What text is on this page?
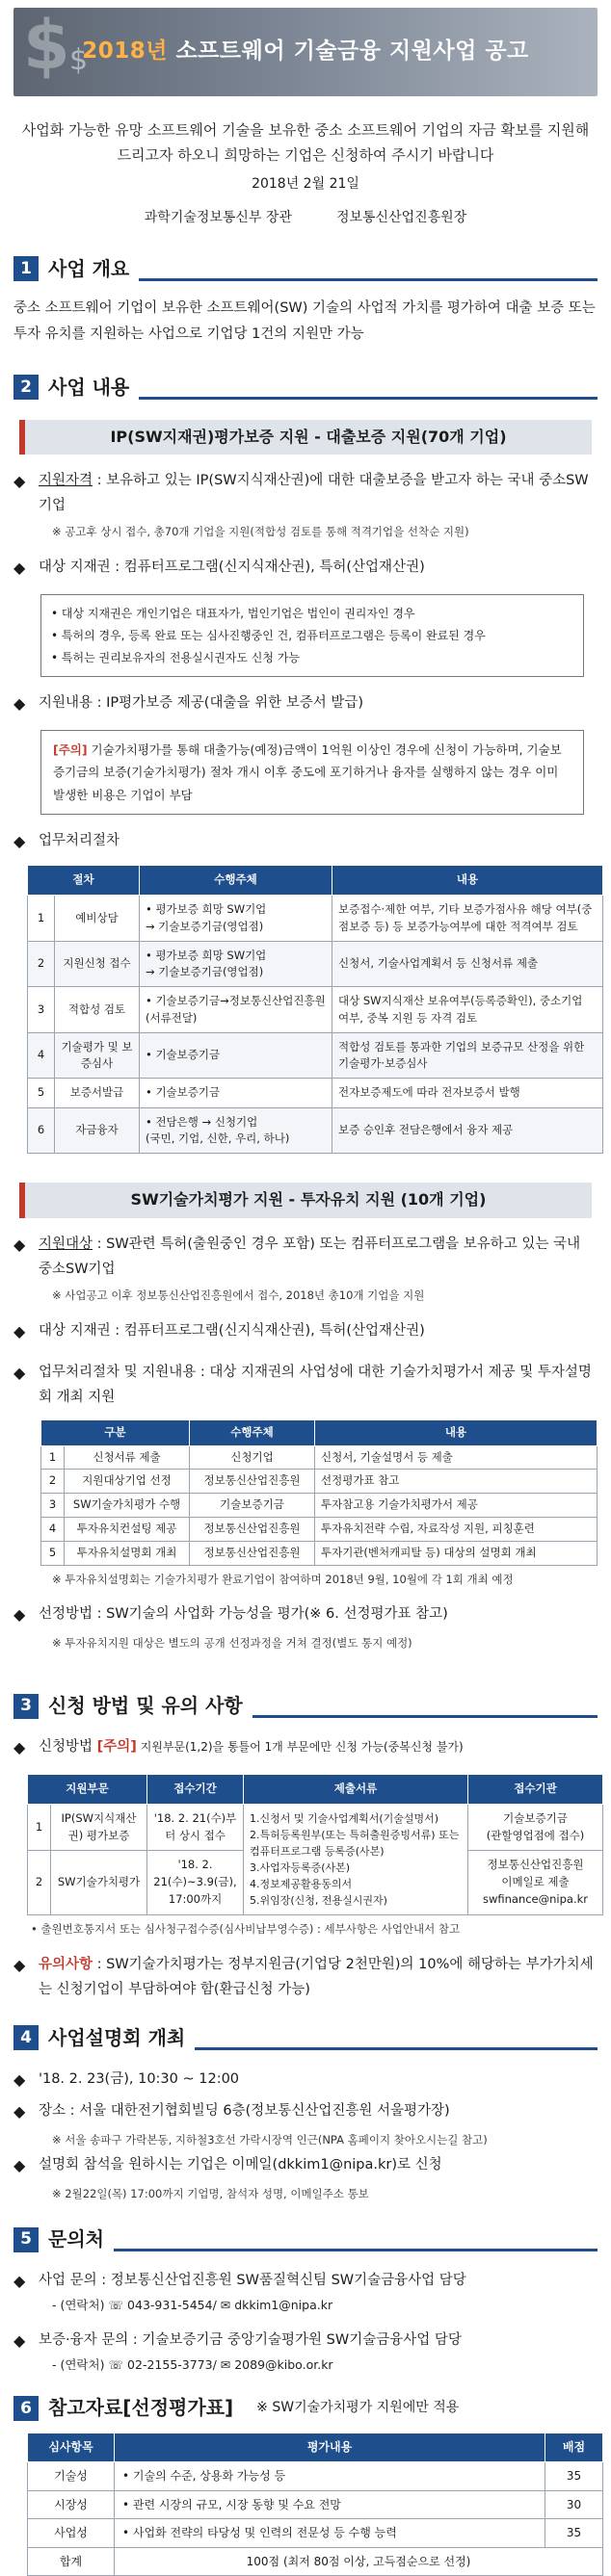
$ $
2018년 소프트웨어 기술금융 지원사업 공고
사업화 가능한 유망 소프트웨어 기술을 보유한 중소 소프트웨어 기업의 자금 확보를 지원해 드리고자 하오니 희망하는 기업은 신청하여 주시기 바랍니다
2018년 2월 21일
과학기술정보통신부 장관	정보통신산업진흥원장
1 사업 개요
중소 소프트웨어 기업이 보유한 소프트웨어(SW) 기술의 사업적 가치를 평가하여 대출 보증 또는 투자 유치를 지원하는 사업으로 기업당 1건의 지원만 가능
2 사업 내용
IP(SW지재권)평가보증 지원 - 대출보증 지원(70개 기업)
◆ 지원자격 : 보유하고 있는 IP(SW지식재산권)에 대한 대출보증을 받고자 하는 국내 중소SW기업
※ 공고후 상시 접수, 총70개 기업을 지원(적합성 검토를 통해 적격기업을 선착순 지원)
◆ 대상 지재권 : 컴퓨터프로그램(신지식재산권), 특허(산업재산권)
• 대상 지재권은 개인기업은 대표자가, 법인기업은 법인이 권리자인 경우
• 특허의 경우, 등록 완료 또는 심사진행중인 건, 컴퓨터프로그램은 등록이 완료된 경우
• 특허는 권리보유자의 전용실시권자도 신청 가능
◆ 지원내용 : IP평가보증 제공(대출을 위한 보증서 발급)
[주의] 기술가치평가를 통해 대출가능(예정)금액이 1억원 이상인 경우에 신청이 가능하며, 기술보증기금의 보증(기술가치평가) 절차 개시 이후 중도에 포기하거나 융자를 실행하지 않는 경우 이미 발생한 비용은 기업이 부담
◆ 업무처리절차
절차		수행주체	내용
1	예비상담	• 평가보증 희망 SW기업
→ 기술보증기금(영업점)	보증접수·제한 여부, 기타 보증가점사유 해당 여부(중점보증 등) 등 보증가능여부에 대한 적격여부 검토
2	지원신청 접수	• 평가보증 희망 SW기업
→ 기술보증기금(영업점)	신청서, 기술사업계획서 등 신청서류 제출
3	적합성 검토	• 기술보증기금→정보통신산업진흥원(서류전달)	대상 SW지식재산 보유여부(등록증확인), 중소기업 여부, 중복 지원 등 자격 검토
4	기술평가 및 보증심사	• 기술보증기금	적합성 검토를 통과한 기업의 보증규모 산정을 위한 기술평가·보증심사
5	보증서발급	• 기술보증기금	전자보증제도에 따라 전자보증서 발행
6	자금융자	• 전담은행 → 신청기업
(국민, 기업, 신한, 우리, 하나)	보증 승인후 전담은행에서 융자 제공
SW기술가치평가 지원 - 투자유치 지원 (10개 기업)
◆ 지원대상 : SW관련 특허(출원중인 경우 포함) 또는 컴퓨터프로그램을 보유하고 있는 국내 중소SW기업
※ 사업공고 이후 정보통신산업진흥원에서 접수, 2018년 총10개 기업을 지원
◆ 대상 지재권 : 컴퓨터프로그램(신지식재산권), 특허(산업재산권)
◆ 업무처리절차 및 지원내용 : 대상 지재권의 사업성에 대한 기술가치평가서 제공 및 투자설명회 개최 지원
구분		수행주체	내용
1	신청서류 제출	신청기업	신청서, 기술설명서 등 제출
2	지원대상기업 선정	정보통신산업진흥원	선정평가표 참고
3	SW기술가치평가 수행	기술보증기금	투자참고용 기술가치평가서 제공
4	투자유치컨설팅 제공	정보통신산업진흥원	투자유치전략 수립, 자료작성 지원, 피칭훈련
5	투자유치설명회 개최	정보통신산업진흥원	투자기관(벤처캐피탈 등) 대상의 설명회 개최
※ 투자유치설명회는 기술가치평가 완료기업이 참여하며 2018년 9월, 10월에 각 1회 개최 예정
◆ 선정방법 : SW기술의 사업화 가능성을 평가(※ 6. 선정평가표 참고)
※ 투자유치지원 대상은 별도의 공개 선정과정을 거쳐 결정(별도 통지 예정)
3 신청 방법 및 유의 사항
◆ 신청방법 [주의] 지원부문(1,2)을 통틀어 1개 부문에만 신청 가능(중복신청 불가)
지원부문		접수기간	제출서류	접수기관
1	IP(SW지식재산권) 평가보증	'18. 2. 21(수)부터 상시 접수	1.신청서 및 기술사업계획서(기술설명서)
2.특허등록원부(또는 특허출원증빙서류) 또는 컴퓨터프로그램 등록증(사본)
3.사업자등록증(사본)
4.정보제공활용동의서
5.위임장(신청, 전용실시권자)	기술보증기금
(관할영업점에 접수)
2	SW기술가치평가	'18. 2. 21(수)~3.9(금), 17:00까지		정보통신산업진흥원
이메일로 제출
swfinance@nipa.kr
• 출원번호통지서 또는 심사청구접수증(심사비납부영수증) : 세부사항은 사업안내서 참고
◆ 유의사항 : SW기술가치평가는 정부지원금(기업당 2천만원)의 10%에 해당하는 부가가치세는 신청기업이 부담하여야 함(환급신청 가능)
4 사업설명회 개최
◆ '18. 2. 23(금), 10:30 ~ 12:00
◆ 장소 : 서울 대한전기협회빌딩 6층(정보통신산업진흥원 서울평가장)
※ 서울 송파구 가락본동, 지하철3호선 가락시장역 인근(NPA 홈페이지 찾아오시는길 참고)
◆ 설명회 참석을 원하시는 기업은 이메일(dkkim1@nipa.kr)로 신청
※ 2월22일(목) 17:00까지 기업명, 참석자 성명, 이메일주소 통보
5 문의처
◆ 사업 문의 : 정보통신산업진흥원 SW품질혁신팀 SW기술금융사업 담당
- (연락처) ☏ 043-931-5454/ ✉ dkkim1@nipa.kr
◆ 보증·융자 문의 : 기술보증기금 중앙기술평가원 SW기술금융사업 담당
- (연락처) ☏ 02-2155-3773/ ✉ 2089@kibo.or.kr
6 참고자료[선정평가표] ※ SW기술가치평가 지원에만 적용
심사항목	평가내용	배점
기술성	• 기술의 수준, 상용화 가능성 등	35
시장성	• 관련 시장의 규모, 시장 동향 및 수요 전망	30
사업성	• 사업화 전략의 타당성 및 인력의 전문성 등 수행 능력	35
합계	100점 (최저 80점 이상, 고득점순으로 선정)	
